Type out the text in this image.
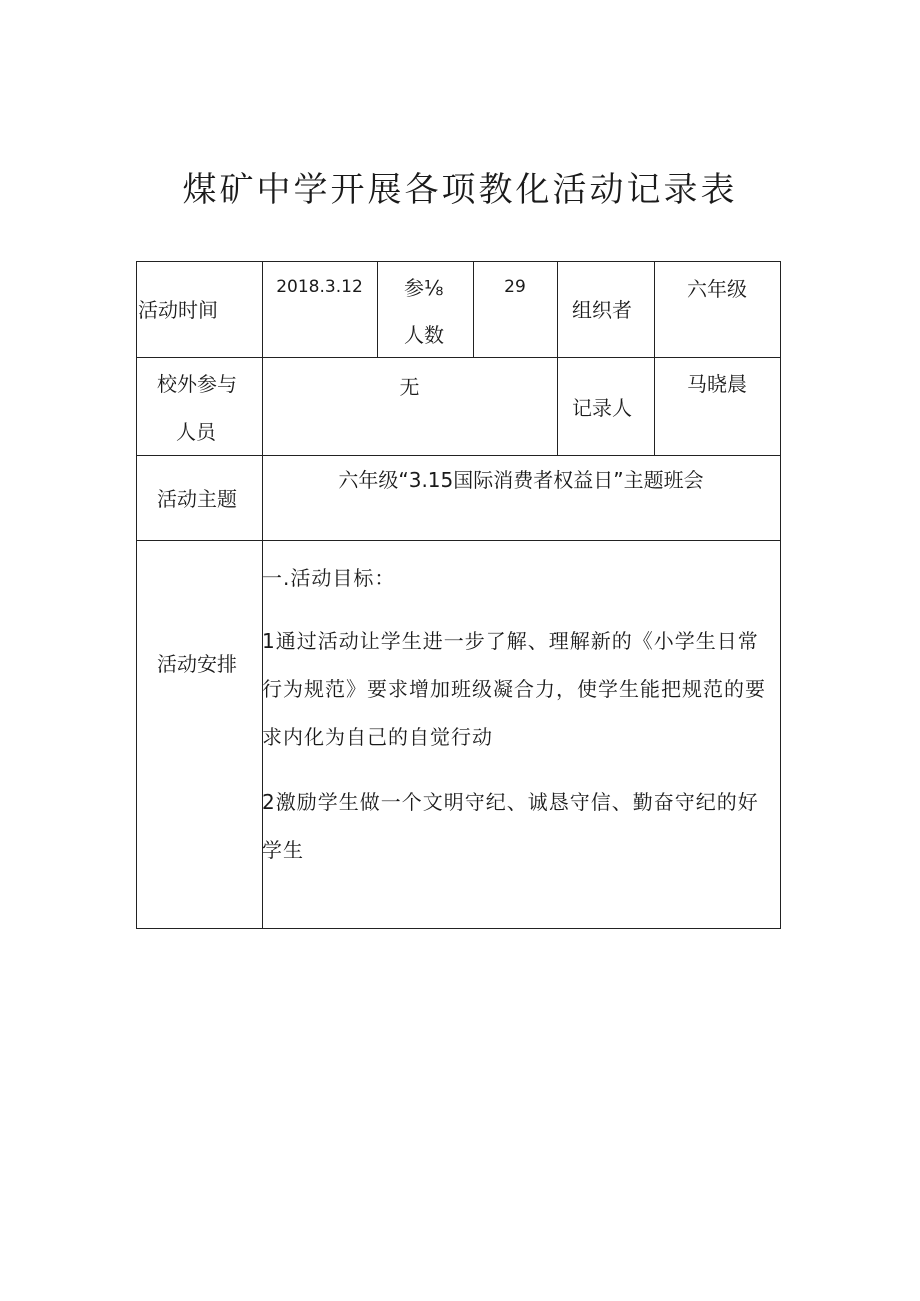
煤矿中学开展各项教化活动记录表
活动时间
2018.3.12	参⅛
人数
29
组织者
六年级
校外参与
人员
无
记录人
马晓晨
活动主题
六年级“3.15国际消费者权益日”主题班会
活动安排
一.活动目标：
1通过活动让学生进一步了解、理解新的《小学生日常行为规范》要求增加班级凝合力，使学生能把规范的要求内化为自己的自觉行动
2激励学生做一个文明守纪、诚恳守信、勤奋守纪的好学生
